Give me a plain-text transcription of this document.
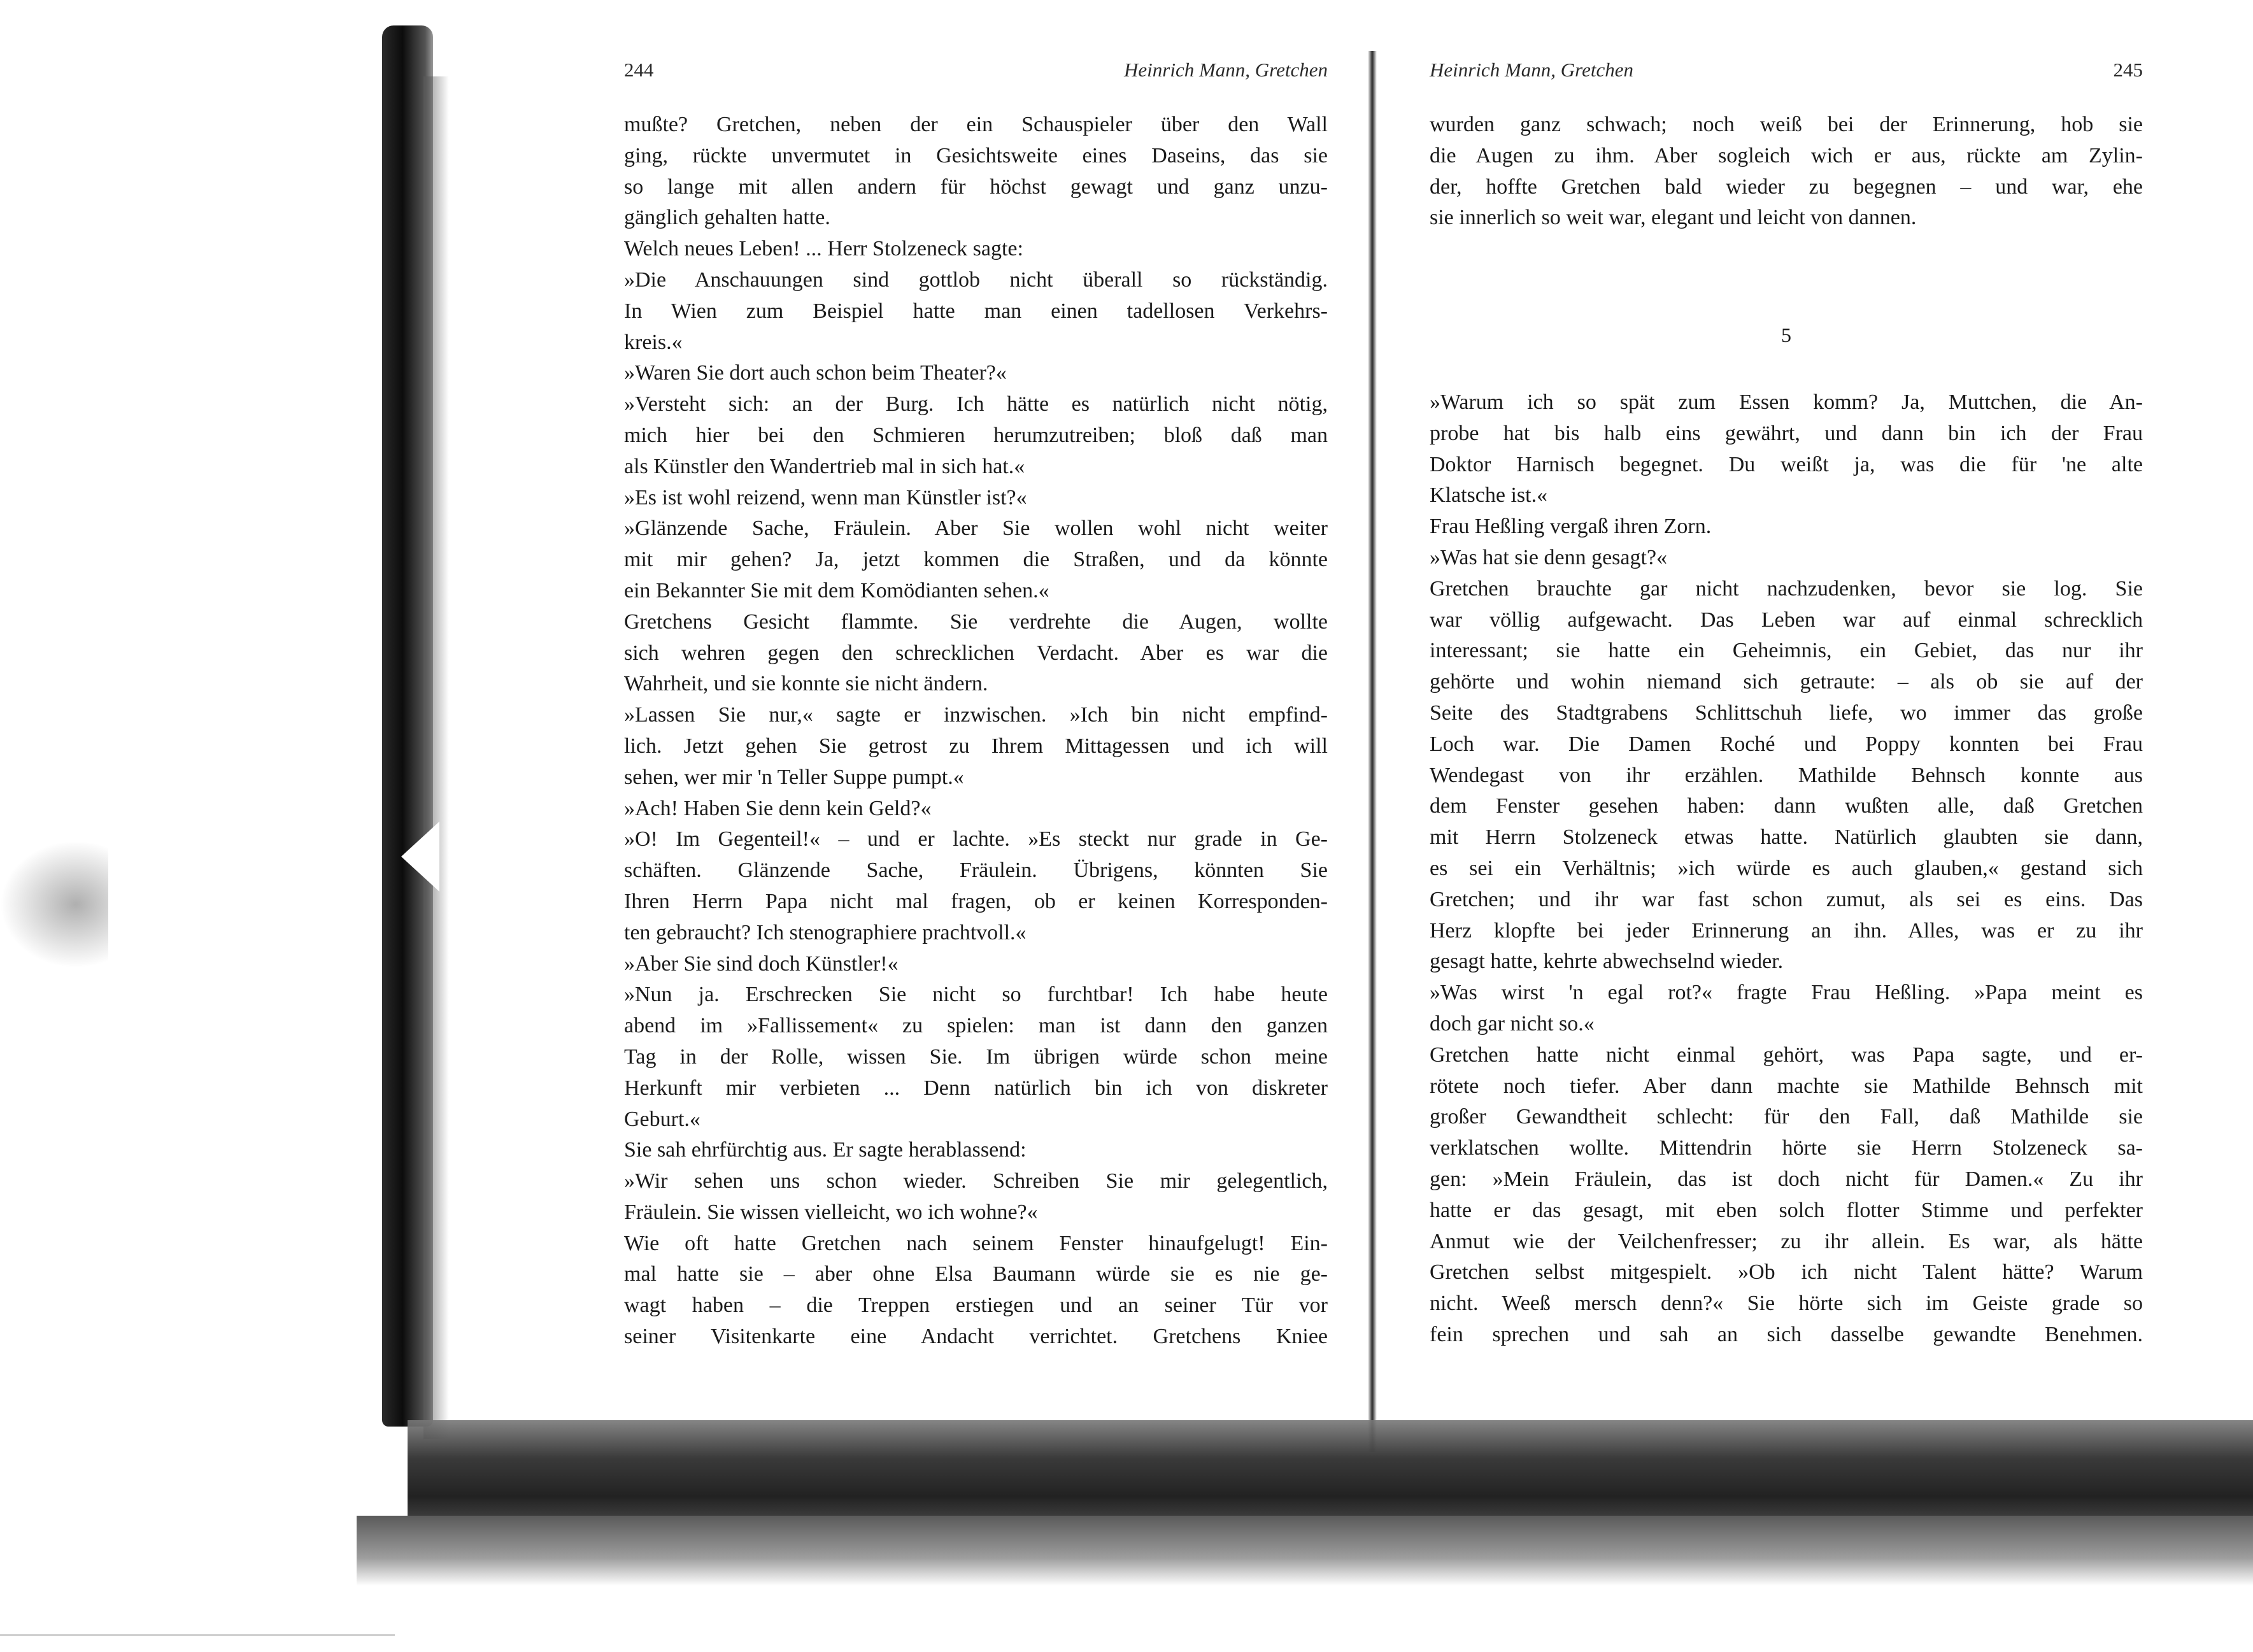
244	Heinrich Mann, Gretchen
mußte? Gretchen, neben der ein Schauspieler über den Wall
ging, rückte unvermutet in Gesichtsweite eines Daseins, das sie
so lange mit allen andern für höchst gewagt und ganz unzu-
gänglich gehalten hatte.
Welch neues Leben! ... Herr Stolzeneck sagte:
»Die Anschauungen sind gottlob nicht überall so rückständig.
In Wien zum Beispiel hatte man einen tadellosen Verkehrs-
kreis.«
»Waren Sie dort auch schon beim Theater?«
»Versteht sich: an der Burg. Ich hätte es natürlich nicht nötig,
mich hier bei den Schmieren herumzutreiben; bloß daß man
als Künstler den Wandertrieb mal in sich hat.«
»Es ist wohl reizend, wenn man Künstler ist?«
»Glänzende Sache, Fräulein. Aber Sie wollen wohl nicht weiter
mit mir gehen? Ja, jetzt kommen die Straßen, und da könnte
ein Bekannter Sie mit dem Komödianten sehen.«
Gretchens Gesicht flammte. Sie verdrehte die Augen, wollte
sich wehren gegen den schrecklichen Verdacht. Aber es war die
Wahrheit, und sie konnte sie nicht ändern.
»Lassen Sie nur,« sagte er inzwischen. »Ich bin nicht empfind-
lich. Jetzt gehen Sie getrost zu Ihrem Mittagessen und ich will
sehen, wer mir 'n Teller Suppe pumpt.«
»Ach! Haben Sie denn kein Geld?«
»O! Im Gegenteil!« – und er lachte. »Es steckt nur grade in Ge-
schäften. Glänzende Sache, Fräulein. Übrigens, könnten Sie
Ihren Herrn Papa nicht mal fragen, ob er keinen Korresponden-
ten gebraucht? Ich stenographiere prachtvoll.«
»Aber Sie sind doch Künstler!«
»Nun ja. Erschrecken Sie nicht so furchtbar! Ich habe heute
abend im »Fallissement« zu spielen: man ist dann den ganzen
Tag in der Rolle, wissen Sie. Im übrigen würde schon meine
Herkunft mir verbieten ... Denn natürlich bin ich von diskreter
Geburt.«
Sie sah ehrfürchtig aus. Er sagte herablassend:
»Wir sehen uns schon wieder. Schreiben Sie mir gelegentlich,
Fräulein. Sie wissen vielleicht, wo ich wohne?«
Wie oft hatte Gretchen nach seinem Fenster hinaufgelugt! Ein-
mal hatte sie – aber ohne Elsa Baumann würde sie es nie ge-
wagt haben – die Treppen erstiegen und an seiner Tür vor
seiner Visitenkarte eine Andacht verrichtet. Gretchens Kniee
Heinrich Mann, Gretchen	245
wurden ganz schwach; noch weiß bei der Erinnerung, hob sie
die Augen zu ihm. Aber sogleich wich er aus, rückte am Zylin-
der, hoffte Gretchen bald wieder zu begegnen – und war, ehe
sie innerlich so weit war, elegant und leicht von dannen.
5
»Warum ich so spät zum Essen komm? Ja, Muttchen, die An-
probe hat bis halb eins gewährt, und dann bin ich der Frau
Doktor Harnisch begegnet. Du weißt ja, was die für 'ne alte
Klatsche ist.«
Frau Heßling vergaß ihren Zorn.
»Was hat sie denn gesagt?«
Gretchen brauchte gar nicht nachzudenken, bevor sie log. Sie
war völlig aufgewacht. Das Leben war auf einmal schrecklich
interessant; sie hatte ein Geheimnis, ein Gebiet, das nur ihr
gehörte und wohin niemand sich getraute: – als ob sie auf der
Seite des Stadtgrabens Schlittschuh liefe, wo immer das große
Loch war. Die Damen Roché und Poppy konnten bei Frau
Wendegast von ihr erzählen. Mathilde Behnsch konnte aus
dem Fenster gesehen haben: dann wußten alle, daß Gretchen
mit Herrn Stolzeneck etwas hatte. Natürlich glaubten sie dann,
es sei ein Verhältnis; »ich würde es auch glauben,« gestand sich
Gretchen; und ihr war fast schon zumut, als sei es eins. Das
Herz klopfte bei jeder Erinnerung an ihn. Alles, was er zu ihr
gesagt hatte, kehrte abwechselnd wieder.
»Was wirst 'n egal rot?« fragte Frau Heßling. »Papa meint es
doch gar nicht so.«
Gretchen hatte nicht einmal gehört, was Papa sagte, und er-
rötete noch tiefer. Aber dann machte sie Mathilde Behnsch mit
großer Gewandtheit schlecht: für den Fall, daß Mathilde sie
verklatschen wollte. Mittendrin hörte sie Herrn Stolzeneck sa-
gen: »Mein Fräulein, das ist doch nicht für Damen.« Zu ihr
hatte er das gesagt, mit eben solch flotter Stimme und perfekter
Anmut wie der Veilchenfresser; zu ihr allein. Es war, als hätte
Gretchen selbst mitgespielt. »Ob ich nicht Talent hätte? Warum
nicht. Weeß mersch denn?« Sie hörte sich im Geiste grade so
fein sprechen und sah an sich dasselbe gewandte Benehmen.
